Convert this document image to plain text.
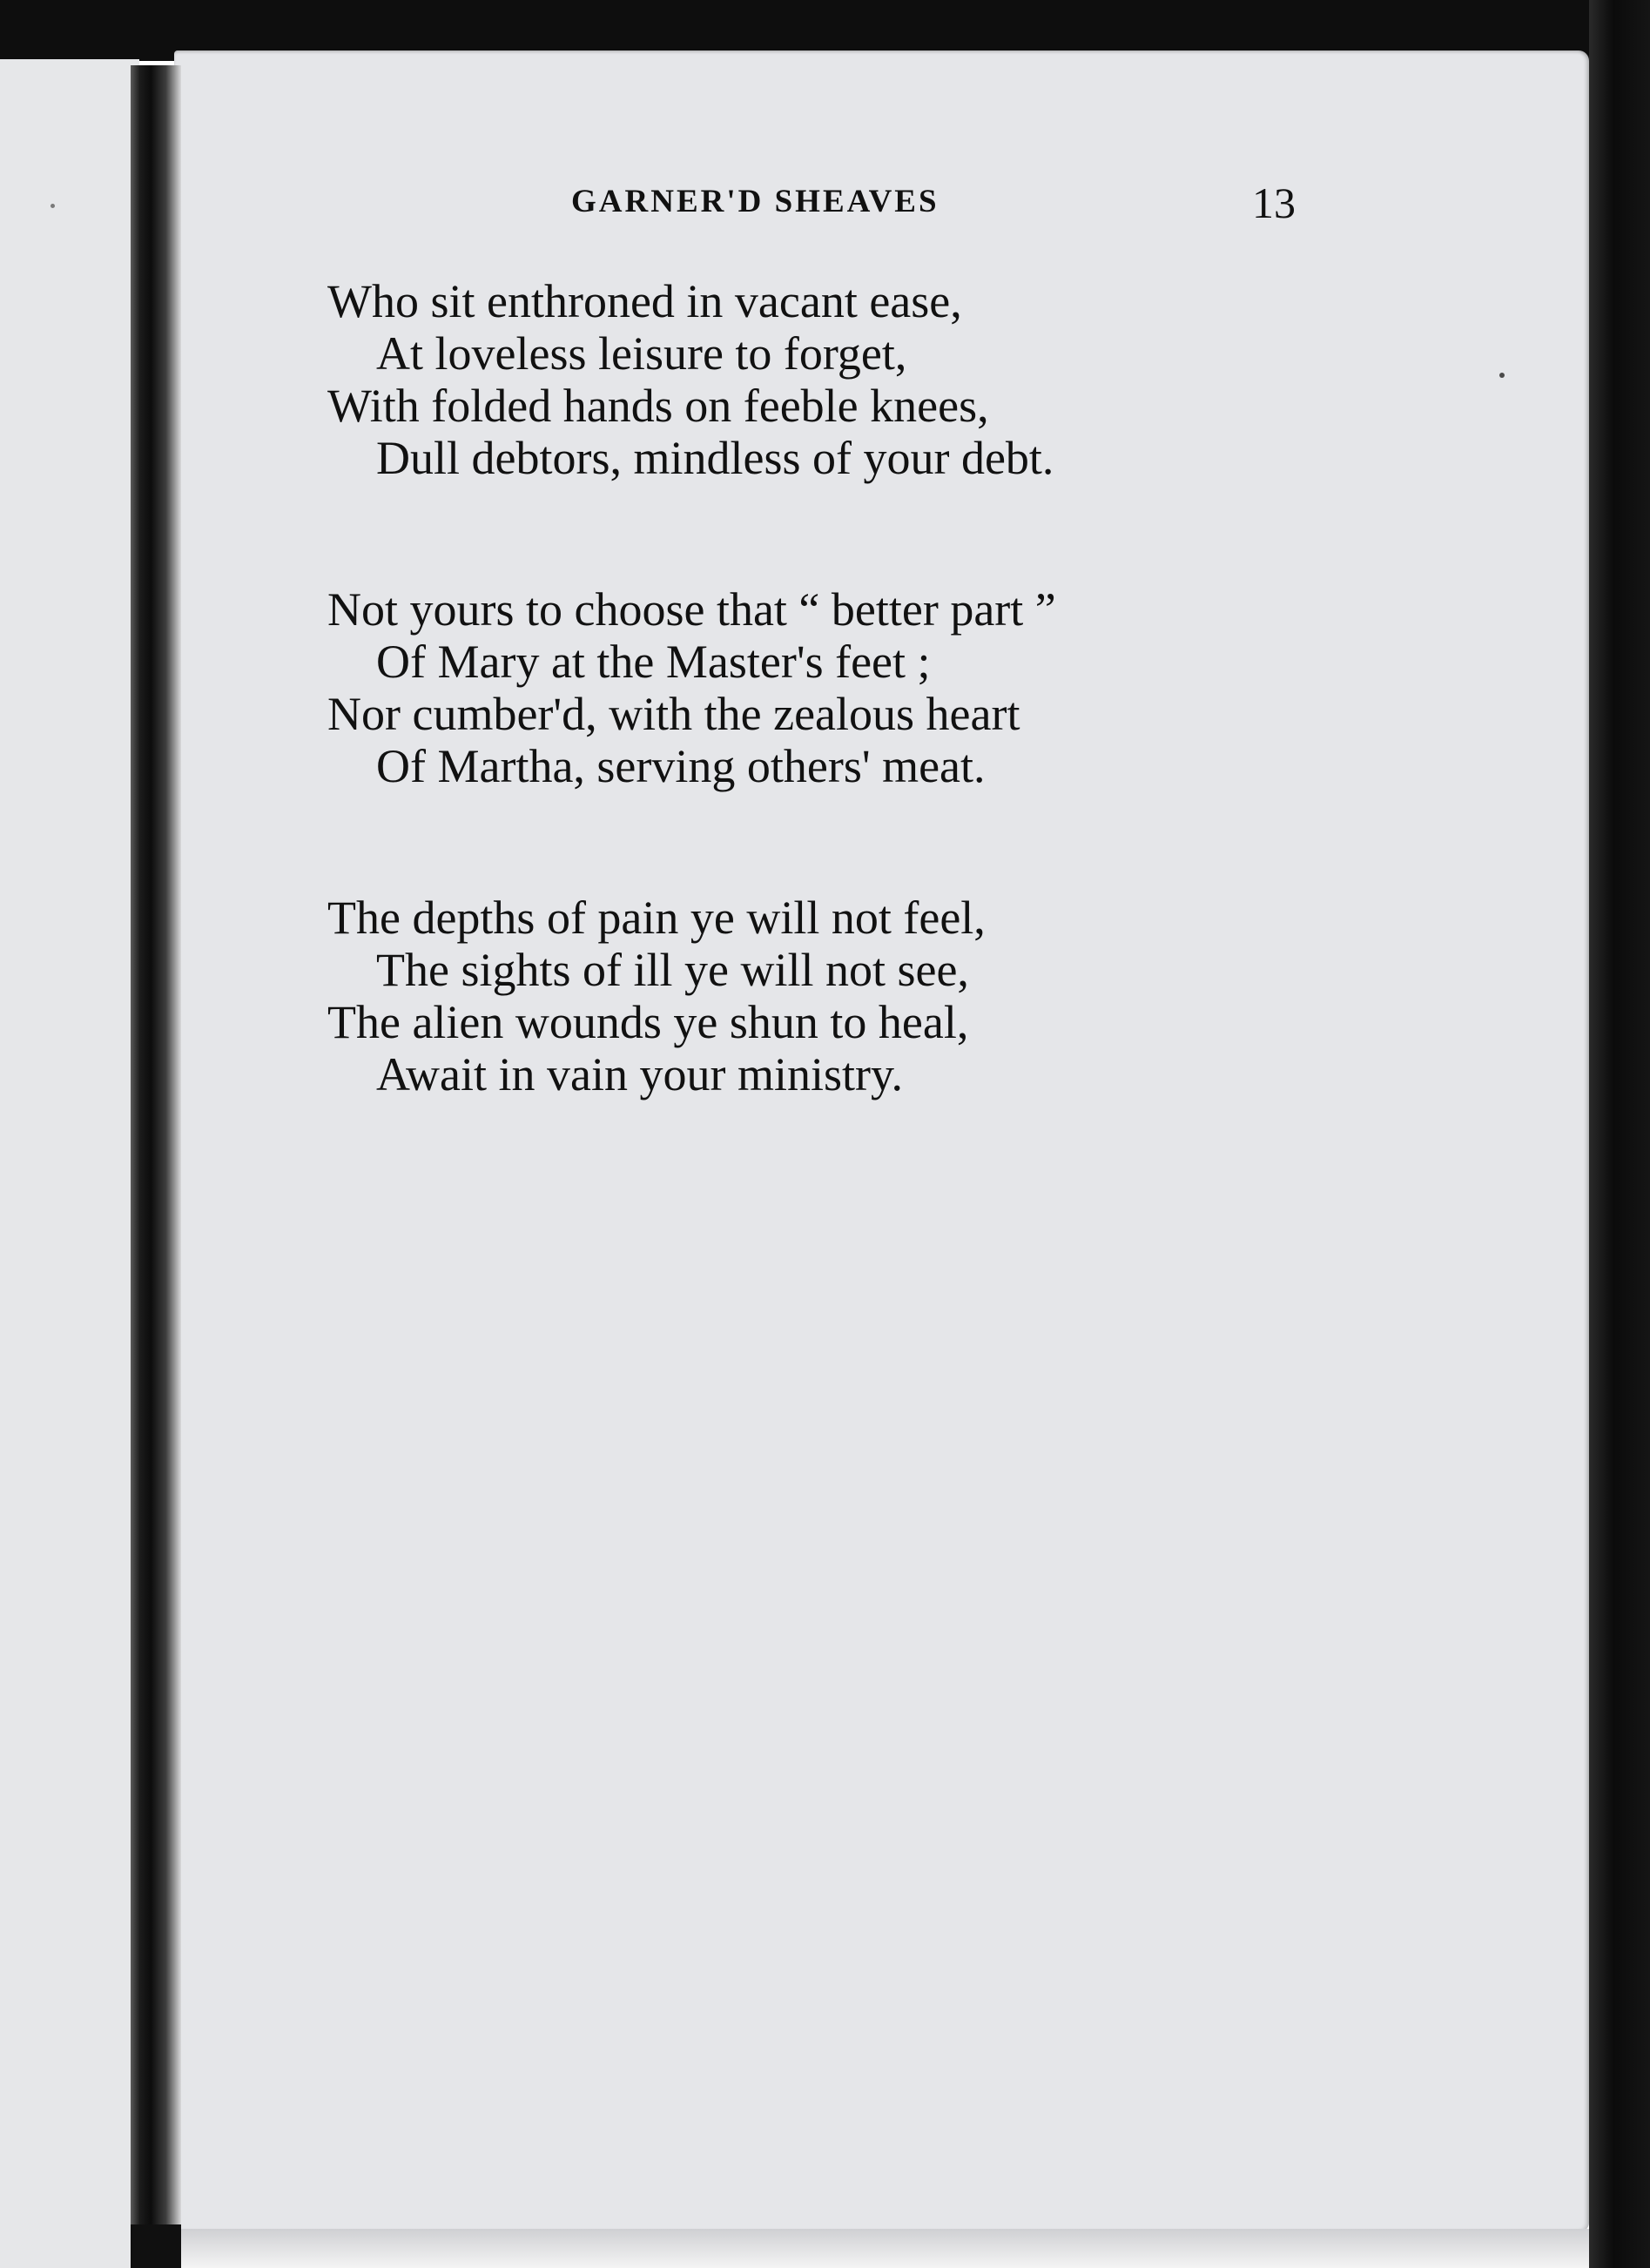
GARNER'D SHEAVES	13
Who sit enthroned in vacant ease,
At loveless leisure to forget,
With folded hands on feeble knees,
Dull debtors, mindless of your debt.
Not yours to choose that “ better part ”
Of Mary at the Master's feet ;
Nor cumber'd, with the zealous heart
Of Martha, serving others' meat.
The depths of pain ye will not feel,
The sights of ill ye will not see,
The alien wounds ye shun to heal,
Await in vain your ministry.
